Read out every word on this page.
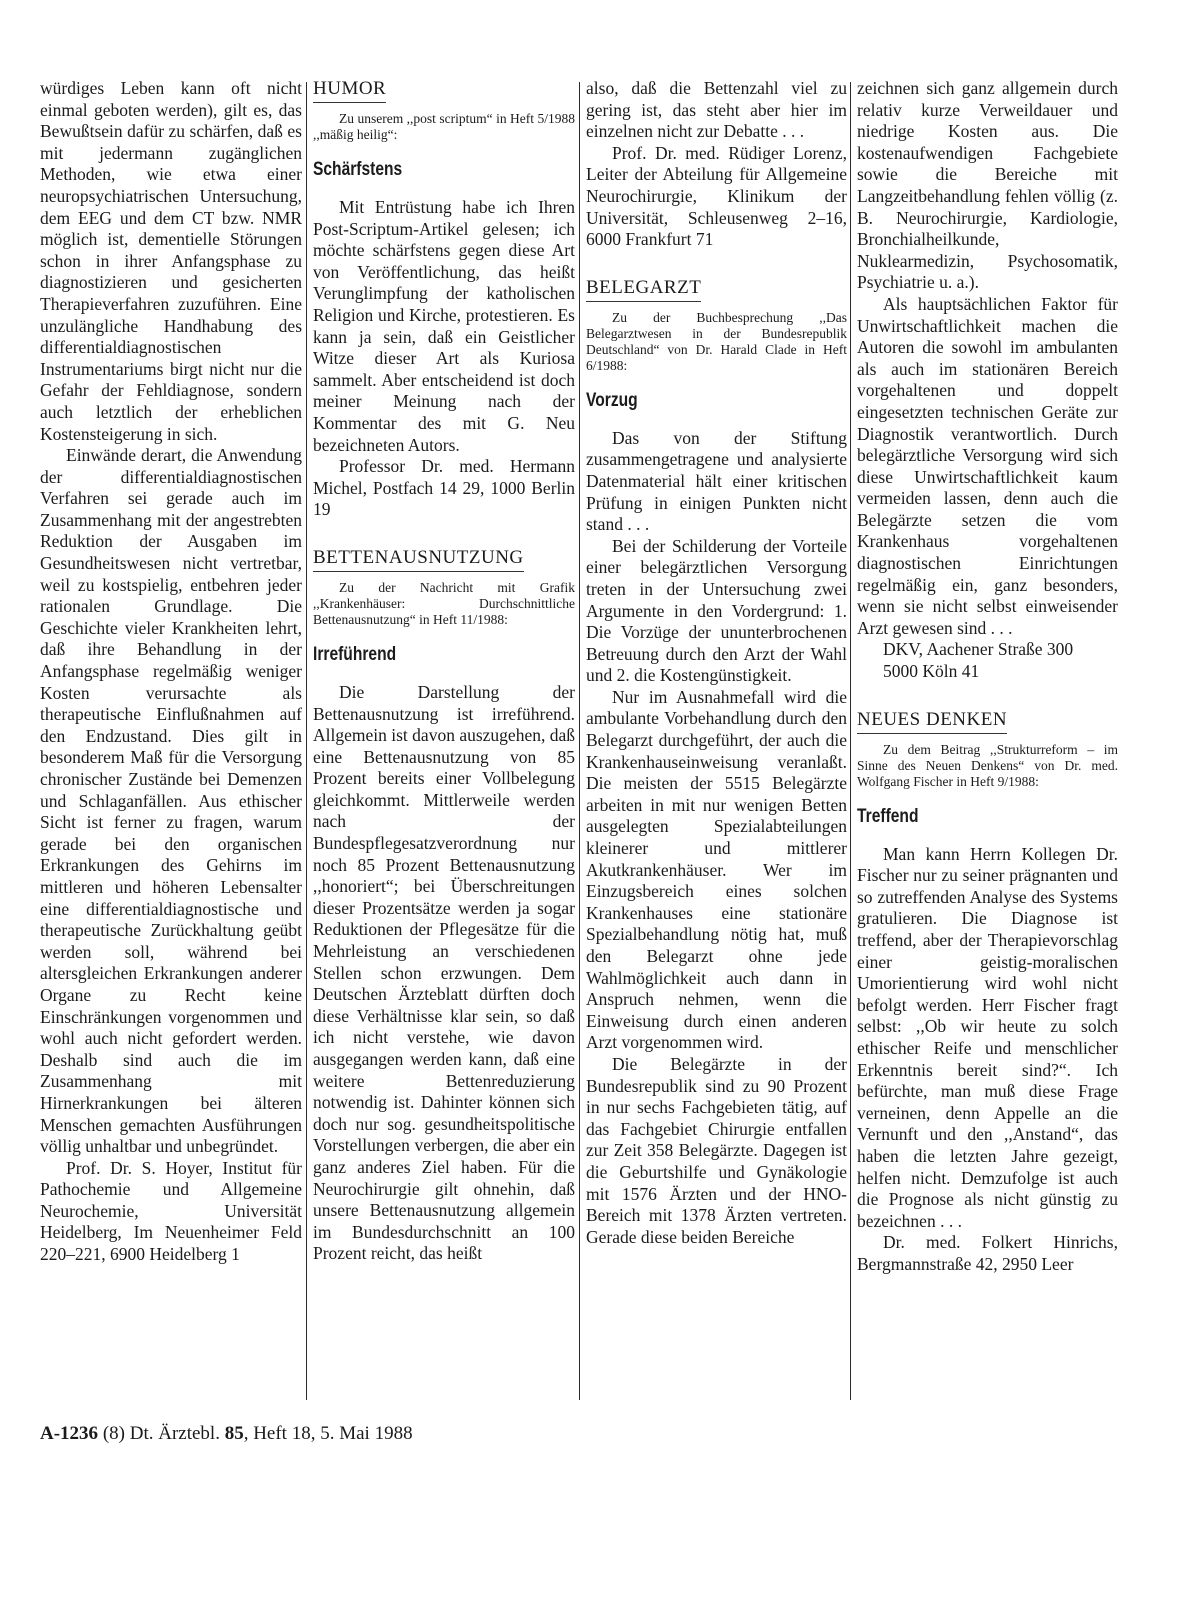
würdiges Leben kann oft nicht einmal geboten werden), gilt es, das Bewußtsein dafür zu schärfen, daß es mit jedermann zugänglichen Methoden, wie etwa einer neuropsychiatrischen Untersuchung, dem EEG und dem CT bzw. NMR möglich ist, dementielle Störungen schon in ihrer Anfangsphase zu diagnostizieren und gesicherten Therapieverfahren zuzuführen. Eine unzulängliche Handhabung des differentialdiagnostischen Instrumentariums birgt nicht nur die Gefahr der Fehldiagnose, sondern auch letztlich der erheblichen Kostensteigerung in sich.

Einwände derart, die Anwendung der differentialdiagnostischen Verfahren sei gerade auch im Zusammenhang mit der angestrebten Reduktion der Ausgaben im Gesundheitswesen nicht vertretbar, weil zu kostspielig, entbehren jeder rationalen Grundlage. Die Geschichte vieler Krankheiten lehrt, daß ihre Behandlung in der Anfangsphase regelmäßig weniger Kosten verursachte als therapeutische Einflußnahmen auf den Endzustand. Dies gilt in besonderem Maß für die Versorgung chronischer Zustände bei Demenzen und Schlaganfällen. Aus ethischer Sicht ist ferner zu fragen, warum gerade bei den organischen Erkrankungen des Gehirns im mittleren und höheren Lebensalter eine differentialdiagnostische und therapeutische Zurückhaltung geübt werden soll, während bei altersgleichen Erkrankungen anderer Organe zu Recht keine Einschränkungen vorgenommen und wohl auch nicht gefordert werden. Deshalb sind auch die im Zusammenhang mit Hirnerkrankungen bei älteren Menschen gemachten Ausführungen völlig unhaltbar und unbegründet.

Prof. Dr. S. Hoyer, Institut für Pathochemie und Allgemeine Neurochemie, Universität Heidelberg, Im Neuenheimer Feld 220–221, 6900 Heidelberg 1

HUMOR

Zu unserem ,,post scriptum“ in Heft 5/1988 ,,mäßig heilig“:

Schärfstens

Mit Entrüstung habe ich Ihren Post-Scriptum-Artikel gelesen; ich möchte schärfstens gegen diese Art von Veröffentlichung, das heißt Verunglimpfung der katholischen Religion und Kirche, protestieren. Es kann ja sein, daß ein Geistlicher Witze dieser Art als Kuriosa sammelt. Aber entscheidend ist doch meiner Meinung nach der Kommentar des mit G. Neu bezeichneten Autors.

Professor Dr. med. Hermann Michel, Postfach 14 29, 1000 Berlin 19

BETTENAUSNUTZUNG

Zu der Nachricht mit Grafik ,,Krankenhäuser: Durchschnittliche Bettenausnutzung“ in Heft 11/1988:

Irreführend

Die Darstellung der Bettenausnutzung ist irreführend. Allgemein ist davon auszugehen, daß eine Bettenausnutzung von 85 Prozent bereits einer Vollbelegung gleichkommt. Mittlerweile werden nach der Bundespflegesatzverordnung nur noch 85 Prozent Bettenausnutzung ,,honoriert“; bei Überschreitungen dieser Prozentsätze werden ja sogar Reduktionen der Pflegesätze für die Mehrleistung an verschiedenen Stellen schon erzwungen. Dem Deutschen Ärzteblatt dürften doch diese Verhältnisse klar sein, so daß ich nicht verstehe, wie davon ausgegangen werden kann, daß eine weitere Bettenreduzierung notwendig ist. Dahinter können sich doch nur sog. gesundheitspolitische Vorstellungen verbergen, die aber ein ganz anderes Ziel haben. Für die Neurochirurgie gilt ohnehin, daß unsere Bettenausnutzung allgemein im Bundesdurchschnitt an 100 Prozent reicht, das heißt

also, daß die Bettenzahl viel zu gering ist, das steht aber hier im einzelnen nicht zur Debatte . . .

Prof. Dr. med. Rüdiger Lorenz, Leiter der Abteilung für Allgemeine Neurochirurgie, Klinikum der Universität, Schleusenweg 2–16, 6000 Frankfurt 71

BELEGARZT

Zu der Buchbesprechung ,,Das Belegarztwesen in der Bundesrepublik Deutschland“ von Dr. Harald Clade in Heft 6/1988:

Vorzug

Das von der Stiftung zusammengetragene und analysierte Datenmaterial hält einer kritischen Prüfung in einigen Punkten nicht stand . . .

Bei der Schilderung der Vorteile einer belegärztlichen Versorgung treten in der Untersuchung zwei Argumente in den Vordergrund: 1. Die Vorzüge der ununterbrochenen Betreuung durch den Arzt der Wahl und 2. die Kostengünstigkeit.

Nur im Ausnahmefall wird die ambulante Vorbehandlung durch den Belegarzt durchgeführt, der auch die Krankenhauseinweisung veranlaßt. Die meisten der 5515 Belegärzte arbeiten in mit nur wenigen Betten ausgelegten Spezialabteilungen kleinerer und mittlerer Akutkrankenhäuser. Wer im Einzugsbereich eines solchen Krankenhauses eine stationäre Spezialbehandlung nötig hat, muß den Belegarzt ohne jede Wahlmöglichkeit auch dann in Anspruch nehmen, wenn die Einweisung durch einen anderen Arzt vorgenommen wird.

Die Belegärzte in der Bundesrepublik sind zu 90 Prozent in nur sechs Fachgebieten tätig, auf das Fachgebiet Chirurgie entfallen zur Zeit 358 Belegärzte. Dagegen ist die Geburtshilfe und Gynäkologie mit 1576 Ärzten und der HNO-Bereich mit 1378 Ärzten vertreten. Gerade diese beiden Bereiche

zeichnen sich ganz allgemein durch relativ kurze Verweildauer und niedrige Kosten aus. Die kostenaufwendigen Fachgebiete sowie die Bereiche mit Langzeitbehandlung fehlen völlig (z. B. Neurochirurgie, Kardiologie, Bronchialheilkunde, Nuklearmedizin, Psychosomatik, Psychiatrie u. a.).

Als hauptsächlichen Faktor für Unwirtschaftlichkeit machen die Autoren die sowohl im ambulanten als auch im stationären Bereich vorgehaltenen und doppelt eingesetzten technischen Geräte zur Diagnostik verantwortlich. Durch belegärztliche Versorgung wird sich diese Unwirtschaftlichkeit kaum vermeiden lassen, denn auch die Belegärzte setzen die vom Krankenhaus vorgehaltenen diagnostischen Einrichtungen regelmäßig ein, ganz besonders, wenn sie nicht selbst einweisender Arzt gewesen sind . . .

DKV, Aachener Straße 300

5000 Köln 41

NEUES DENKEN

Zu dem Beitrag ,,Strukturreform – im Sinne des Neuen Denkens“ von Dr. med. Wolfgang Fischer in Heft 9/1988:

Treffend

Man kann Herrn Kollegen Dr. Fischer nur zu seiner prägnanten und so zutreffenden Analyse des Systems gratulieren. Die Diagnose ist treffend, aber der Therapievorschlag einer geistig-moralischen Umorientierung wird wohl nicht befolgt werden. Herr Fischer fragt selbst: ,,Ob wir heute zu solch ethischer Reife und menschlicher Erkenntnis bereit sind?“. Ich befürchte, man muß diese Frage verneinen, denn Appelle an die Vernunft und den ,,Anstand“, das haben die letzten Jahre gezeigt, helfen nicht. Demzufolge ist auch die Prognose als nicht günstig zu bezeichnen . . .

Dr. med. Folkert Hinrichs, Bergmannstraße 42, 2950 Leer

A-1236 (8) Dt. Ärztebl. 85, Heft 18, 5. Mai 1988
